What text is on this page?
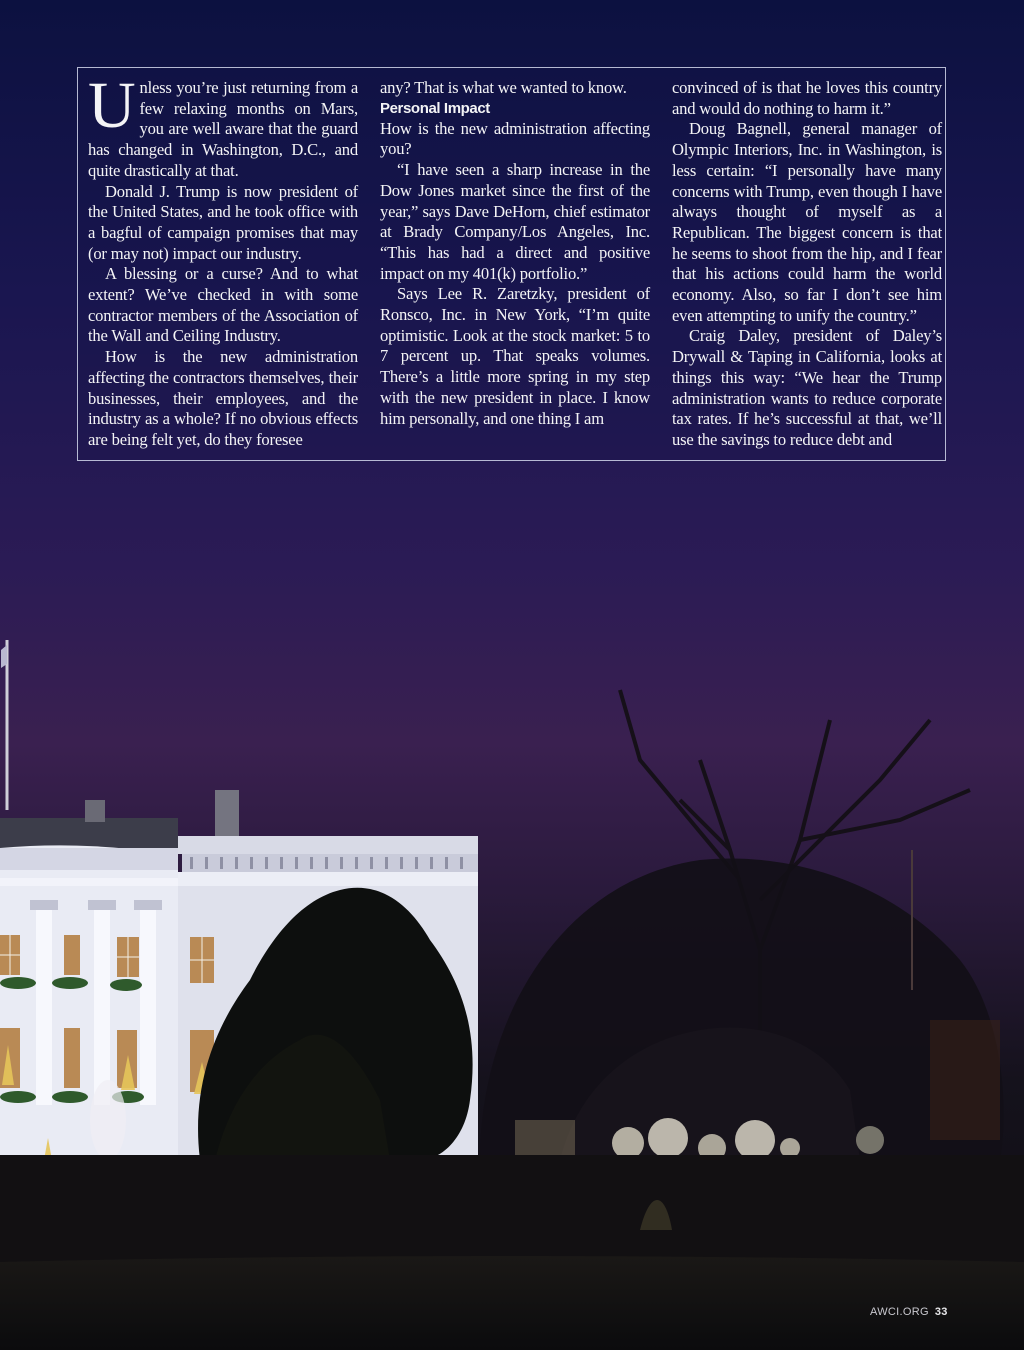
Unless you’re just returning from a few relaxing months on Mars, you are well aware that the guard has changed in Washington, D.C., and quite drastically at that.

Donald J. Trump is now president of the United States, and he took office with a bagful of campaign promises that may (or may not) impact our industry.

A blessing or a curse? And to what extent? We’ve checked in with some contractor members of the Association of the Wall and Ceiling Industry.

How is the new administration affecting the contractors themselves, their businesses, their employees, and the industry as a whole? If no obvious effects are being felt yet, do they foresee

any? That is what we wanted to know.

Personal Impact

How is the new administration affecting you?

“I have seen a sharp increase in the Dow Jones market since the first of the year,” says Dave DeHorn, chief estimator at Brady Company/Los Angeles, Inc. “This has had a direct and positive impact on my 401(k) portfolio.”

Says Lee R. Zaretzky, president of Ronsco, Inc. in New York, “I’m quite optimistic. Look at the stock market: 5 to 7 percent up. That speaks volumes. There’s a little more spring in my step with the new president in place. I know him personally, and one thing I am

convinced of is that he loves this country and would do nothing to harm it.”

Doug Bagnell, general manager of Olympic Interiors, Inc. in Washington, is less certain: “I personally have many concerns with Trump, even though I have always thought of myself as a Republican. The biggest concern is that he seems to shoot from the hip, and I fear that his actions could harm the world economy. Also, so far I don’t see him even attempting to unify the country.”

Craig Daley, president of Daley’s Drywall & Taping in California, looks at things this way: “We hear the Trump administration wants to reduce corporate tax rates. If he’s successful at that, we’ll use the savings to reduce debt and

AWCI.ORG 33
